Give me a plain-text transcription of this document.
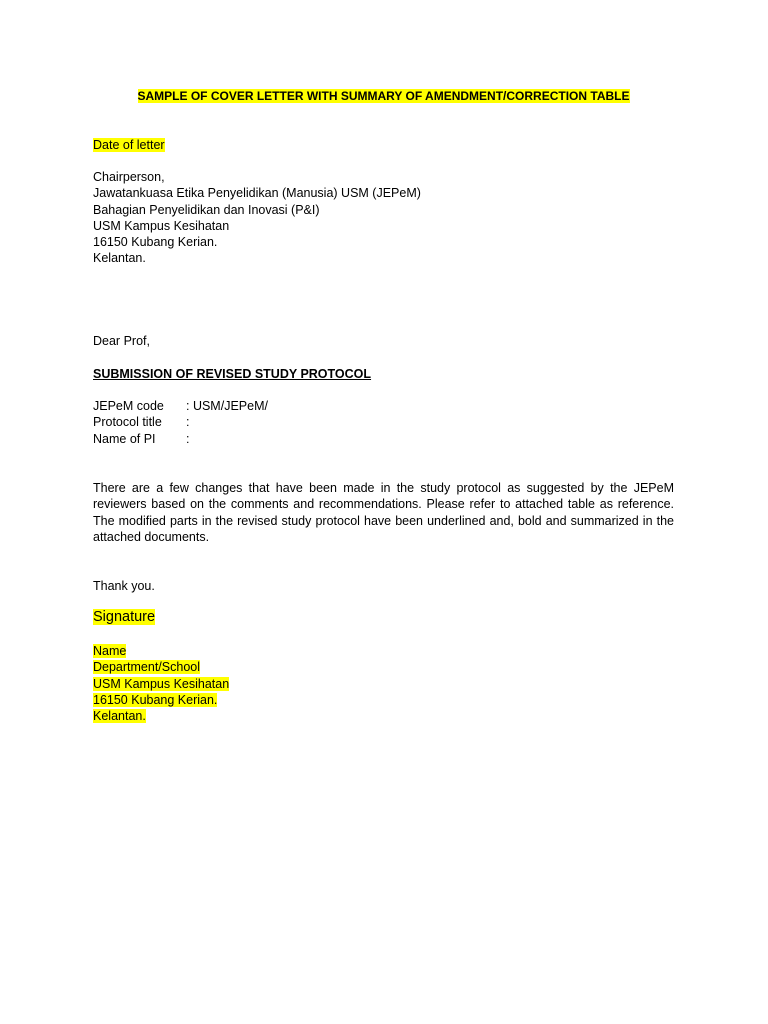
SAMPLE OF COVER LETTER WITH SUMMARY OF AMENDMENT/CORRECTION TABLE
Date of letter
Chairperson,
Jawatankuasa Etika Penyelidikan (Manusia) USM (JEPeM)
Bahagian Penyelidikan dan Inovasi (P&I)
USM Kampus Kesihatan
16150 Kubang Kerian.
Kelantan.
Dear Prof,
SUBMISSION OF REVISED STUDY PROTOCOL
JEPeM code	: USM/JEPeM/
Protocol title	:
Name of PI	:
There are a few changes that have been made in the study protocol as suggested by the JEPeM reviewers based on the comments and recommendations. Please refer to attached table as reference. The modified parts in the revised study protocol have been underlined and, bold and summarized in the attached documents.
Thank you.
Signature
Name
Department/School
USM Kampus Kesihatan
16150 Kubang Kerian.
Kelantan.
